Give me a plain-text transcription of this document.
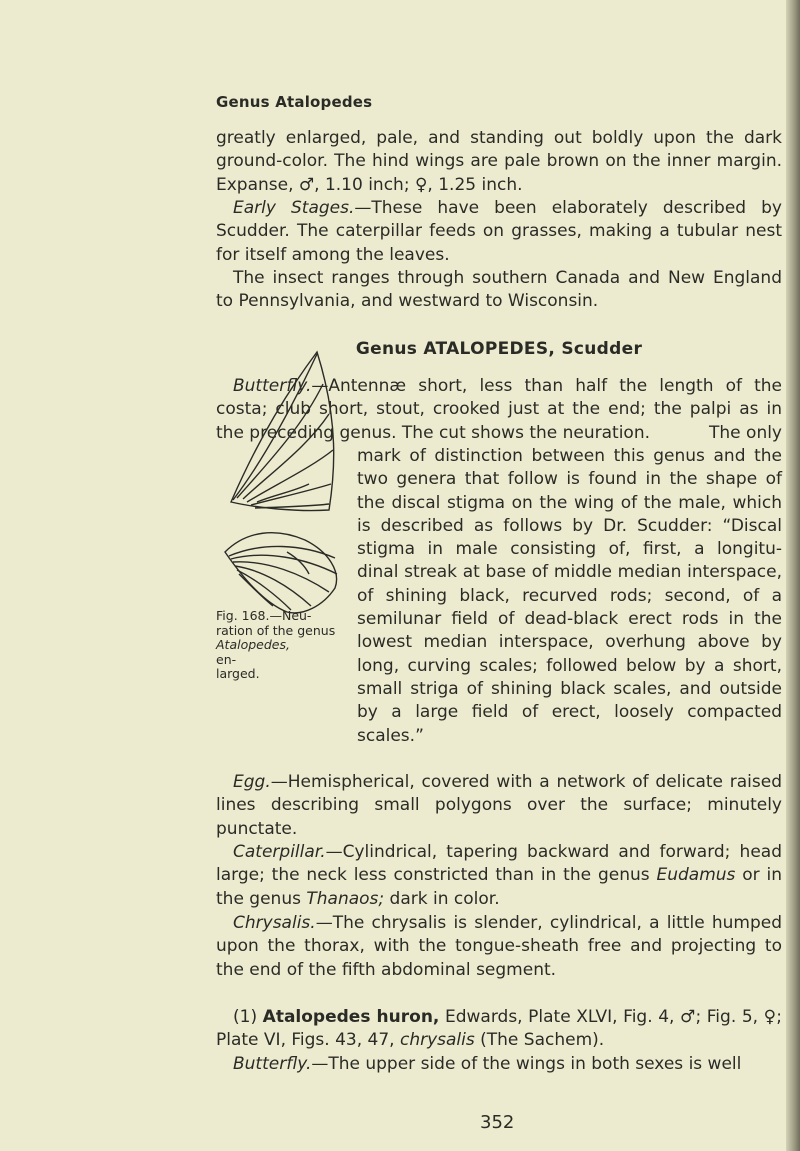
Genus Atalopedes
greatly enlarged, pale, and standing out boldly upon the dark ground-color. The hind wings are pale brown on the inner margin. Expanse, ♂, 1.10 inch; ♀, 1.25 inch.
Early Stages.—These have been elaborately described by Scudder. The caterpillar feeds on grasses, making a tubular nest for itself among the leaves.
The insect ranges through southern Canada and New England to Pennsylvania, and westward to Wisconsin.
Genus ATALOPEDES, Scudder
Butterfly.—Antennæ short, less than half the length of the costa; club short, stout, crooked just at the end; the palpi as in the preceding genus. The cut shows the neuration.	The only
mark of distinction between this genus and the
two genera that follow is found in the shape of
the discal stigma on the wing of the male, which
is described as follows by Dr. Scudder: “Discal
stigma in male consisting of, first, a longitu-
dinal streak at base of middle median interspace,
of shining black, recurved rods; second, of a
semilunar field of dead-black erect rods in the
lowest median interspace, overhung above by
long, curving scales; followed below by a short,
small striga of shining black scales, and outside
by a large field of erect, loosely compacted
scales.”
Fig. 168.—Neu-
ration of the genus
Atalopedes,
en-
larged.
Egg.—Hemispherical, covered with a network of delicate raised lines describing small polygons over the surface; minutely punctate.
Caterpillar.—Cylindrical, tapering backward and forward; head large; the neck less constricted than in the genus Eudamus or in the genus Thanaos; dark in color.
Chrysalis.—The chrysalis is slender, cylindrical, a little humped upon the thorax, with the tongue-sheath free and projecting to the end of the fifth abdominal segment.
(1) Atalopedes huron, Edwards, Plate XLVI, Fig. 4, ♂; Fig. 5, ♀; Plate VI, Figs. 43, 47, chrysalis (The Sachem).
Butterfly.—The upper side of the wings in both sexes is well
352
